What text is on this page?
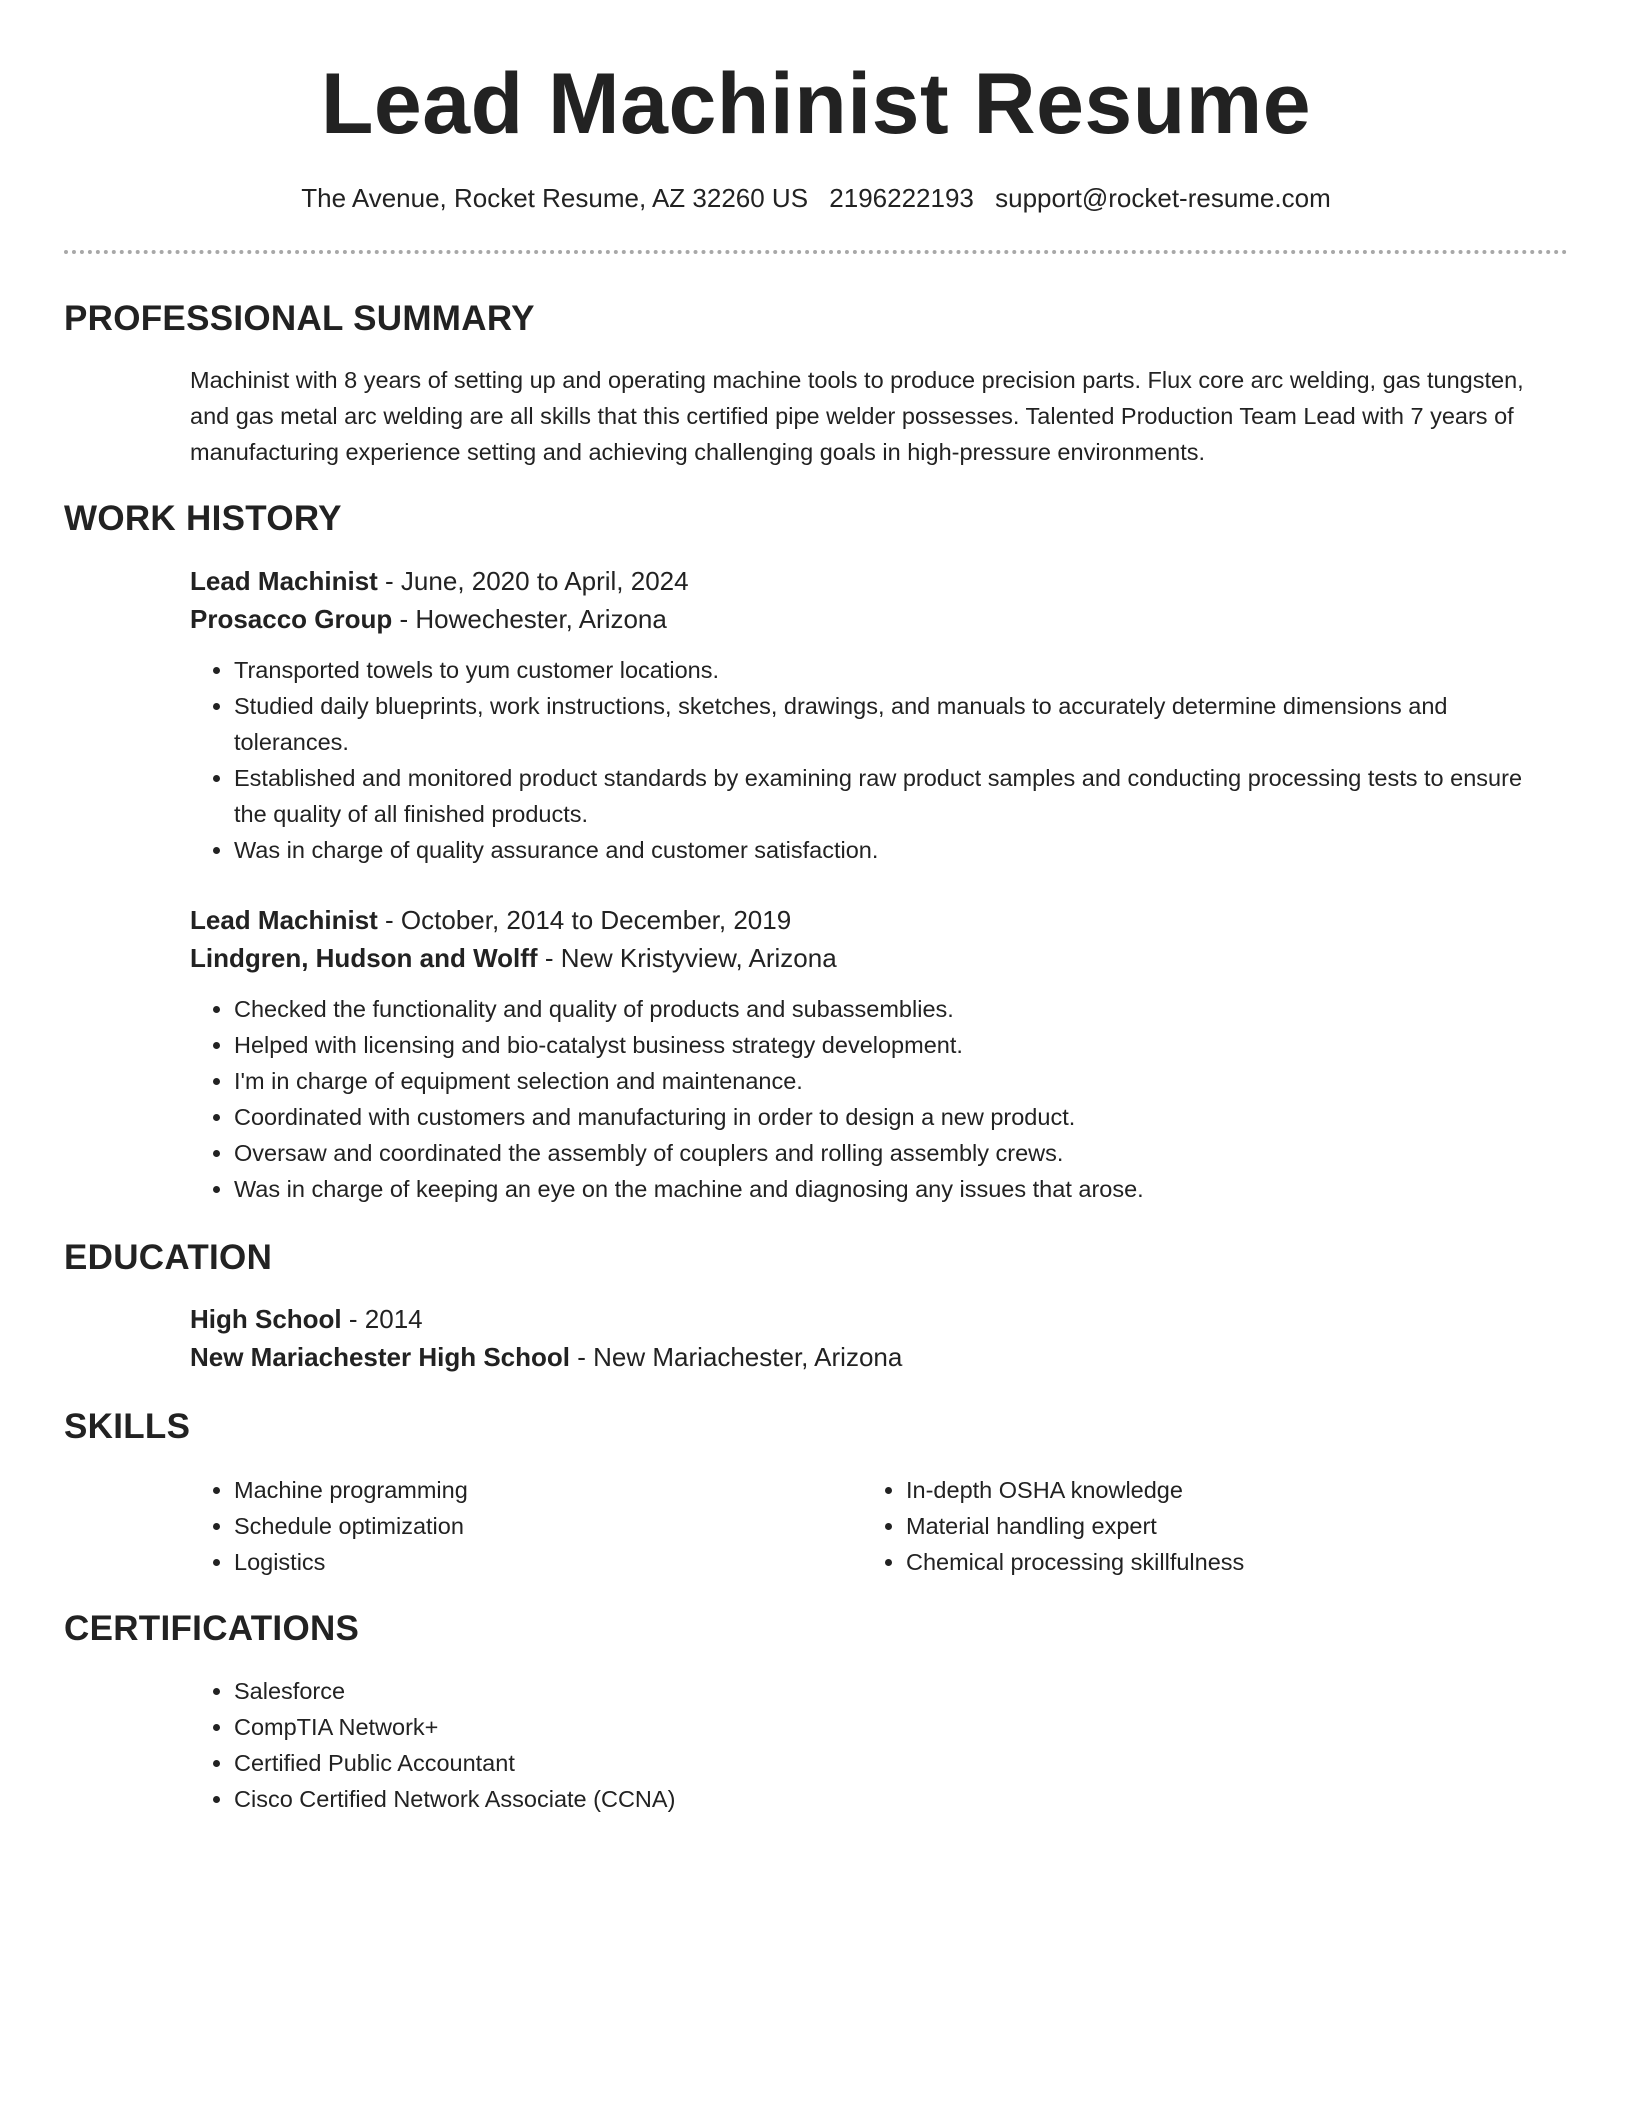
Lead Machinist Resume
The Avenue, Rocket Resume, AZ 32260 US 2196222193 support@rocket-resume.com
PROFESSIONAL SUMMARY

Machinist with 8 years of setting up and operating machine tools to produce precision parts. Flux core arc welding, gas tungsten, and gas metal arc welding are all skills that this certified pipe welder possesses. Talented Production Team Lead with 7 years of manufacturing experience setting and achieving challenging goals in high-pressure environments.

WORK HISTORY

Lead Machinist - June, 2020 to April, 2024

Prosacco Group - Howechester, Arizona

• Transported towels to yum customer locations.
• Studied daily blueprints, work instructions, sketches, drawings, and manuals to accurately determine dimensions and tolerances.
• Established and monitored product standards by examining raw product samples and conducting processing tests to ensure the quality of all finished products.
• Was in charge of quality assurance and customer satisfaction.

Lead Machinist - October, 2014 to December, 2019

Lindgren, Hudson and Wolff - New Kristyview, Arizona

• Checked the functionality and quality of products and subassemblies.
• Helped with licensing and bio-catalyst business strategy development.
• I'm in charge of equipment selection and maintenance.
• Coordinated with customers and manufacturing in order to design a new product.
• Oversaw and coordinated the assembly of couplers and rolling assembly crews.
• Was in charge of keeping an eye on the machine and diagnosing any issues that arose.
EDUCATION

High School - 2014

New Mariachester High School - New Mariachester, Arizona

SKILLS
• Machine programming
• Schedule optimization
• Logistics
• In-depth OSHA knowledge
• Material handling expert
• Chemical processing skillfulness
CERTIFICATIONS
• Salesforce
• CompTIA Network+
• Certified Public Accountant
• Cisco Certified Network Associate (CCNA)
